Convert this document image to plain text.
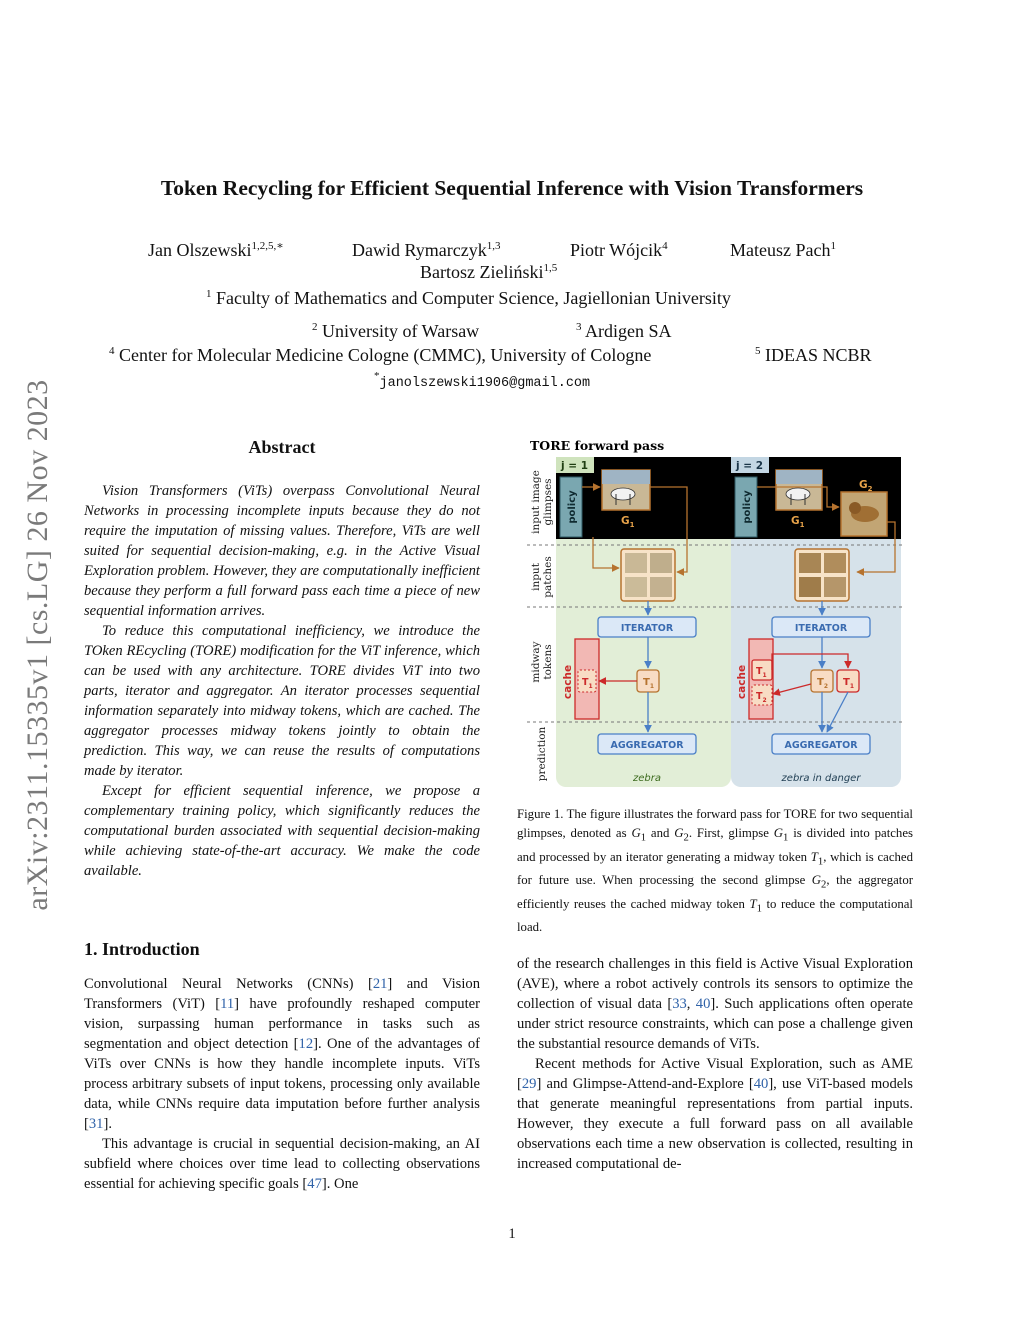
arXiv:2311.15335v1 [cs.LG] 26 Nov 2023
Token Recycling for Efficient Sequential Inference with Vision Transformers
Jan Olszewski$^{1,2,5,∗}$	Dawid Rymarczyk$^{1,3}$	Piotr Wójcik$^4$	Mateusz Pach$^1$
Bartosz Zieliński$^{1,5}$
$^1$ Faculty of Mathematics and Computer Science, Jagiellonian University
$^2$ University of Warsaw	$^3$ Ardigen SA
$^4$ Center for Molecular Medicine Cologne (CMMC), University of Cologne	$^5$ IDEAS NCBR
*janolszewski1906@gmail.com
Abstract

Vision Transformers (ViTs) overpass Convolutional Neural Networks in processing incomplete inputs because they do not require the imputation of missing values. Therefore, ViTs are well suited for sequential decision-making, e.g. in the Active Visual Exploration problem. However, they are computationally inefficient because they perform a full forward pass each time a piece of new sequential information arrives.

To reduce this computational inefficiency, we introduce the TOken REcycling (TORE) modification for the ViT inference, which can be used with any architecture. TORE divides ViT into two parts, iterator and aggregator. An iterator processes sequential information separately into midway tokens, which are cached. The aggregator processes midway tokens jointly to obtain the prediction. This way, we can reuse the results of computations made by iterator.

Except for efficient sequential inference, we propose a complementary training policy, which significantly reduces the computational burden associated with sequential decision-making while achieving state-of-the-art accuracy. We make the code available.

1. Introduction

Convolutional Neural Networks (CNNs) [21] and Vision Transformers (ViT) [11] have profoundly reshaped computer vision, surpassing human performance in tasks such as segmentation and object detection [12]. One of the advantages of ViTs over CNNs is how they handle incomplete inputs. ViTs process arbitrary subsets of input tokens, processing only available data, while CNNs require data imputation before further analysis [31].

This advantage is crucial in sequential decision-making, an AI subfield where choices over time lead to collecting observations essential for achieving specific goals [47]. One

of the research challenges in this field is Active Visual Exploration (AVE), where a robot actively controls its sensors to optimize the collection of visual data [33, 40]. Such applications often operate under strict resource constraints, which can pose a challenge given the substantial resource demands of ViTs.

Recent methods for Active Visual Exploration, such as AME [29] and Glimpse-Attend-and-Explore [40], use ViT-based models that generate meaningful representations from partial inputs. However, they execute a full forward pass on all available observations each time a new observation is collected, resulting in increased computational de-

TORE forward pass
j = 1	j = 2
input image glimpses
input patches
midway tokens
prediction
policy	policy
$G_1$	$G_1$
$G_2$
ITERATOR	ITERATOR
cache $T_1$	$T_1$	cache $T_1$
$T_2$
$T_2$ $T_1$
AGGREGATOR	AGGREGATOR
zebra	zebra in danger
Figure 1. The figure illustrates the forward pass for TORE for two sequential glimpses, denoted as $G_1$ and $G_2$. First, glimpse $G_1$ is divided into patches and processed by an iterator generating a midway token $T_1$, which is cached for future use. When processing the second glimpse $G_2$, the aggregator efficiently reuses the cached midway token $T_1$ to reduce the computational load.
1
